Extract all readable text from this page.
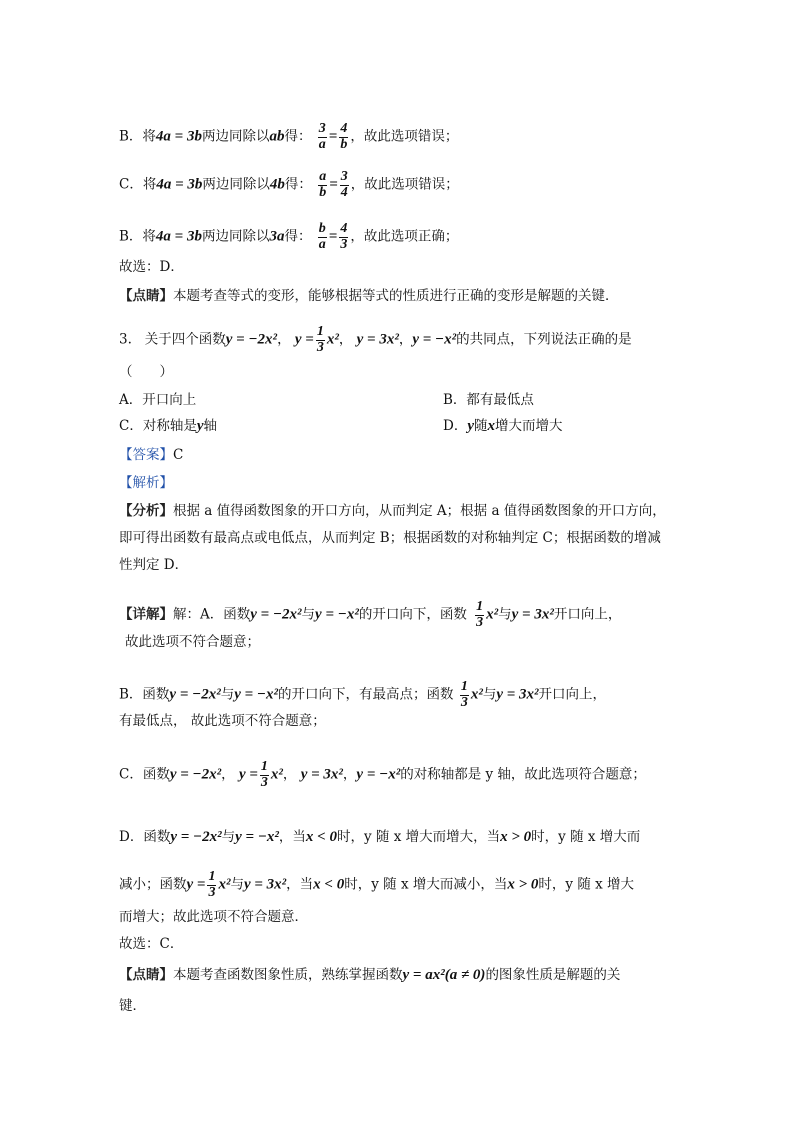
B．将4a = 3b两边同除以ab得： $\frac{3}{a} = \frac{4}{b}$ ，故此选项错误；
C．将4a = 3b两边同除以4b得： $\frac{a}{b} = \frac{3}{4}$ ，故此选项错误；
B．将4a = 3b两边同除以3a得： $\frac{b}{a} = \frac{4}{3}$ ，故此选项正确；
故选：D．
【点睛】本题考查等式的变形，能够根据等式的性质进行正确的变形是解题的关键．
3. 关于四个函数y = −2x²， $y = \frac{1}{3} x^2$， y = 3x²，y = −x²的共同点，下列说法正确的是
（　　）
A．开口向上	B．都有最低点
C．对称轴是y轴	D．y随x增大而增大
【答案】C
【解析】
【分析】根据 a 值得函数图象的开口方向，从而判定 A；根据 a 值得函数图象的开口方向，
即可得出函数有最高点或电低点，从而判定 B；根据函数的对称轴判定 C；根据函数的增减
性判定 D．
【详解】解：A．函数y = −2x²与y = −x²的开口向下，函数 $\frac{1}{3} x^2$与y = 3x²开口向上，
故此选项不符合题意；
B．函数y = −2x²与y = −x²的开口向下，有最高点；函数 $\frac{1}{3} x^2$与y = 3x²开口向上，
有最低点， 故此选项不符合题意；
C．函数y = −2x²， $y = \frac{1}{3} x^2$， y = 3x²，y = −x²的对称轴都是 y 轴，故此选项符合题意；
D．函数y = −2x²与y = −x²，当x < 0时，y 随 x 增大而增大，当x > 0时，y 随 x 增大而
减小；函数$y = \frac{1}{3} x^2$与y = 3x²，当x < 0时，y 随 x 增大而减小，当x > 0时，y 随 x 增大
而增大；故此选项不符合题意．
故选：C．
【点睛】本题考查函数图象性质，熟练掌握函数y = ax²(a ≠ 0)的图象性质是解题的关
键．
